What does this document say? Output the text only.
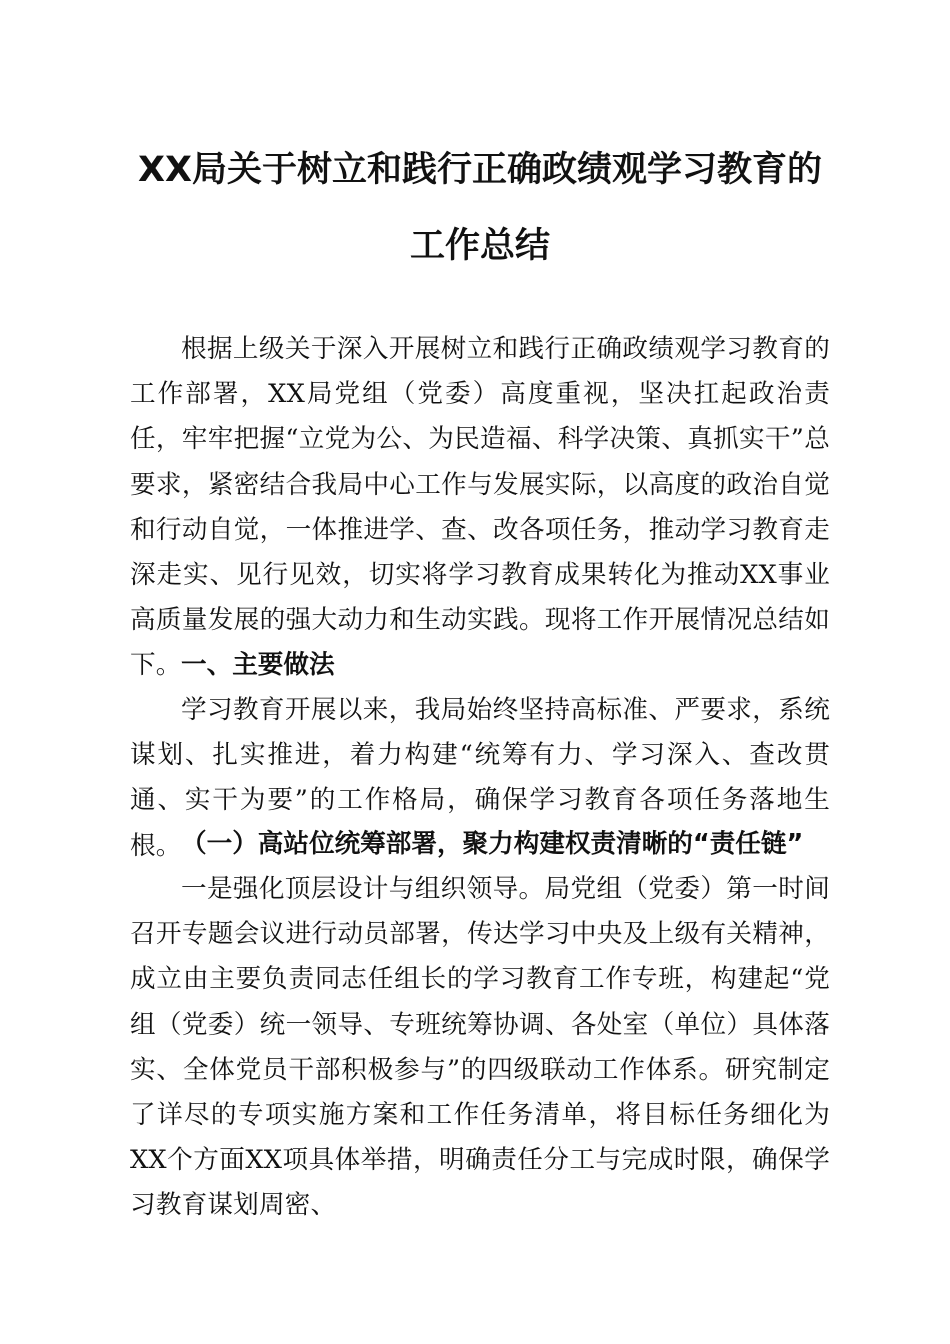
XX局关于树立和践行正确政绩观学习教育的
工作总结

根据上级关于深入开展树立和践行正确政绩观学习教育的工作部署，XX局党组（党委）高度重视，坚决扛起政治责任，牢牢把握“立党为公、为民造福、科学决策、真抓实干”总要求，紧密结合我局中心工作与发展实际，以高度的政治自觉和行动自觉，一体推进学、查、改各项任务，推动学习教育走深走实、见行见效，切实将学习教育成果转化为推动XX事业高质量发展的强大动力和生动实践。现将工作开展情况总结如下。 一、主要做法

学习教育开展以来，我局始终坚持高标准、严要求，系统谋划、扎实推进，着力构建“统筹有力、学习深入、查改贯通、实干为要”的工作格局，确保学习教育各项任务落地生根。 （一）高站位统筹部署，聚力构建权责清晰的“责任链”

一是强化顶层设计与组织领导。局党组（党委）第一时间召开专题会议进行动员部署，传达学习中央及上级有关精神，成立由主要负责同志任组长的学习教育工作专班，构建起“党组（党委）统一领导、专班统筹协调、各处室（单位）具体落实、全体党员干部积极参与”的四级联动工作体系。研究制定了详尽的专项实施方案和工作任务清单，将目标任务细化为XX个方面XX项具体举措，明确责任分工与完成时限，确保学习教育谋划周密、
